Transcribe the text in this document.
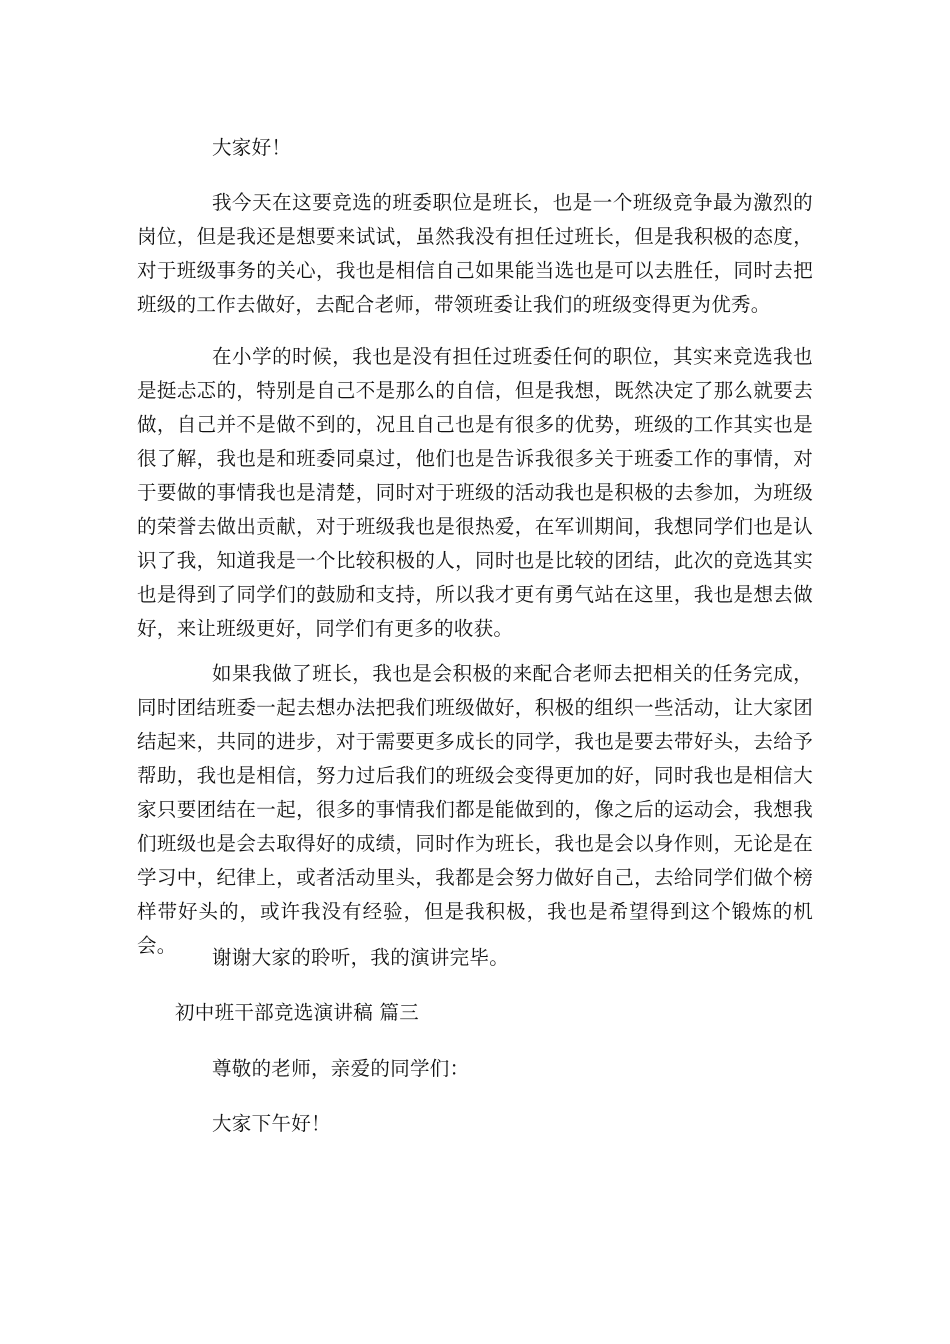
大家好！

我今天在这要竞选的班委职位是班长，也是一个班级竞争最为激烈的岗位，但是我还是想要来试试，虽然我没有担任过班长，但是我积极的态度，对于班级事务的关心，我也是相信自己如果能当选也是可以去胜任，同时去把班级的工作去做好，去配合老师，带领班委让我们的班级变得更为优秀。

在小学的时候，我也是没有担任过班委任何的职位，其实来竞选我也是挺忐忑的，特别是自己不是那么的自信，但是我想，既然决定了那么就要去做，自己并不是做不到的，况且自己也是有很多的优势，班级的工作其实也是很了解，我也是和班委同桌过，他们也是告诉我很多关于班委工作的事情，对于要做的事情我也是清楚，同时对于班级的活动我也是积极的去参加，为班级的荣誉去做出贡献，对于班级我也是很热爱，在军训期间，我想同学们也是认识了我，知道我是一个比较积极的人，同时也是比较的团结，此次的竞选其实也是得到了同学们的鼓励和支持，所以我才更有勇气站在这里，我也是想去做好，来让班级更好，同学们有更多的收获。

如果我做了班长，我也是会积极的来配合老师去把相关的任务完成，同时团结班委一起去想办法把我们班级做好，积极的组织一些活动，让大家团结起来，共同的进步，对于需要更多成长的同学，我也是要去带好头，去给予帮助，我也是相信，努力过后我们的班级会变得更加的好，同时我也是相信大家只要团结在一起，很多的事情我们都是能做到的，像之后的运动会，我想我们班级也是会去取得好的成绩，同时作为班长，我也是会以身作则，无论是在学习中，纪律上，或者活动里头，我都是会努力做好自己，去给同学们做个榜样带好头的，或许我没有经验，但是我积极，我也是希望得到这个锻炼的机会。

谢谢大家的聆听，我的演讲完毕。

初中班干部竞选演讲稿 篇三

尊敬的老师，亲爱的同学们：

大家下午好！
